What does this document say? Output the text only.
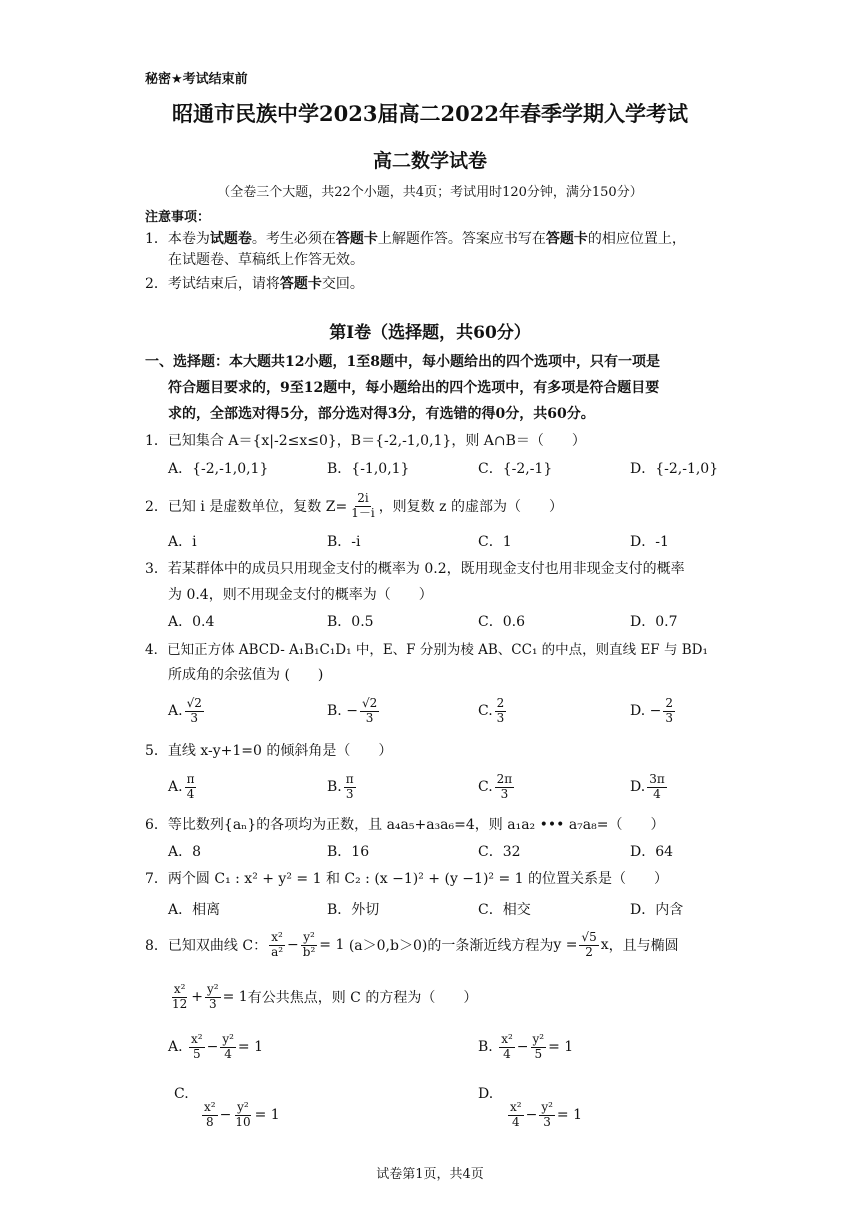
秘密★考试结束前
昭通市民族中学2023届高二2022年春季学期入学考试
高二数学试卷
（全卷三个大题，共22个小题，共4页；考试用时120分钟，满分150分）
注意事项：
1．本卷为试题卷。考生必须在答题卡上解题作答。答案应书写在答题卡的相应位置上，
在试题卷、草稿纸上作答无效。
2．考试结束后，请将答题卡交回。
第Ⅰ卷（选择题，共60分）
一、选择题：本大题共12小题，1至8题中，每小题给出的四个选项中，只有一项是
符合题目要求的，9至12题中，每小题给出的四个选项中，有多项是符合题目要
求的，全部选对得5分，部分选对得3分，有选错的得0分，共60分。
1．已知集合 A＝{x|-2≤x≤0}，B＝{-2,-1,0,1}，则 A∩B＝（　　）
A．{-2,-1,0,1}	B．{-1,0,1}	C．{-2,-1}	D．{-2,-1,0}
2．已知 i 是虚数单位，复数 $Z= \frac{2i}{1-i}$ ，则复数 z 的虚部为（　　）
A．i	B．-i	C．1	D．-1
3．若某群体中的成员只用现金支付的概率为 0.2，既用现金支付也用非现金支付的概率
为 0.4，则不用现金支付的概率为（　　）
A．0.4	B．0.5	C．0.6	D．0.7
4．已知正方体 ABCD- A₁B₁C₁D₁ 中，E、F 分别为棱 AB、CC₁ 的中点，则直线 EF 与 BD₁
所成角的余弦值为 (　　)
A. $\frac{√2}{3}$	B.
− $\frac{√2}{3}$	C. $\frac{2}{3}$	D.
− $\frac{2}{3}$
5．直线 x-y+1=0 的倾斜角是（　　）
A. $\frac{\pi}{4}$	B. $\frac{\pi}{3}$	C. $\frac{2\pi}{3}$	D. $\frac{3\pi}{4}$
6．等比数列{aₙ}的各项均为正数，且 a₄a₅+a₃a₆=4，则 a₁a₂ ••• a₇a₈=（　　）
A．8	B．16	C．32	D．64
7．两个圆 C₁ : x² + y² = 1 和 C₂ : (x −1)² + (y −1)² = 1 的位置关系是（　　）
A．相离	B．外切	C．相交	D．内含
8．已知双曲线 C： $\frac{\text{x²}}{\text{a²}} - \frac{\text{y²}}{\text{b²}} = 1$
(a＞0,b＞0)的一条渐近线方程为 $y = \frac{√5}{2}$ x ，且与椭圆
$\frac{\text{x²}}{12} + \frac{\text{y²}}{3} = 1$ 有公共焦点，则 C 的方程为（　　）
A.
$\frac{\text{x²}}{5} - \frac{\text{y²}}{4} = 1$	B.
$\frac{\text{x²}}{4} - \frac{\text{y²}}{5} = 1$
C.
$\frac{\text{x²}}{8} - \frac{\text{y²}}{10} = 1$
D.
$\frac{\text{x²}}{4} - \frac{\text{y²}}{3} = 1$
试卷第1页，共4页
